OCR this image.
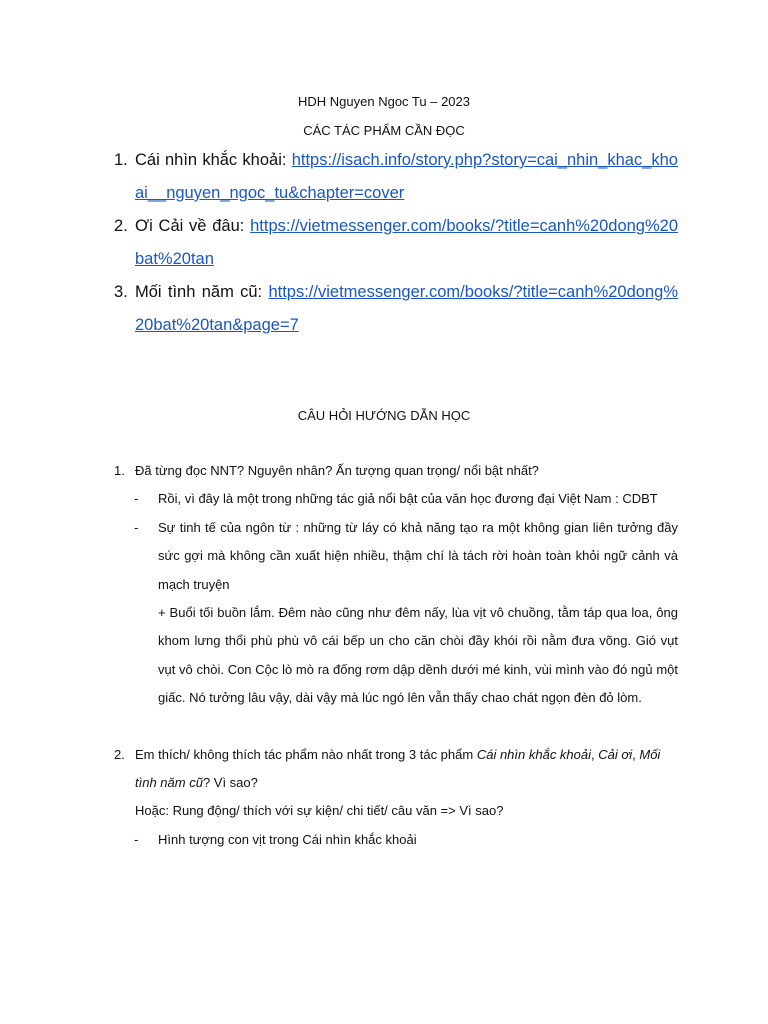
HDH Nguyen Ngoc Tu – 2023
CÁC TÁC PHẨM CẦN ĐỌC
1. Cái nhìn khắc khoải: https://isach.info/story.php?story=cai_nhin_khac_khoai__nguyen_ngoc_tu&chapter=cover
2. Ơi Cải về đâu: https://vietmessenger.com/books/?title=canh%20dong%20bat%20tan
3. Mối tình năm cũ: https://vietmessenger.com/books/?title=canh%20dong%20bat%20tan&page=7
CÂU HỎI HƯỚNG DẪN HỌC
1. Đã từng đọc NNT? Nguyên nhân? Ấn tượng quan trọng/ nổi bật nhất?
- Rồi, vì đây là một trong những tác giả nổi bật của văn học đương đại Việt Nam : CDBT
- Sự tinh tế của ngôn từ : những từ láy có khả năng tạo ra một không gian liên tưởng đầy sức gợi mà không cần xuất hiện nhiều, thậm chí là tách rời hoàn toàn khỏi ngữ cảnh và mạch truyện
+ Buổi tối buồn lắm. Đêm nào cũng như đêm nấy, lùa vịt vô chuồng, tằm táp qua loa, ông khom lưng thổi phù phù vô cái bếp un cho căn chòi đầy khói rồi nằm đưa võng. Gió vụt vụt vô chòi. Con Cộc lò mò ra đống rơm dập dềnh dưới mé kinh, vùi mình vào đó ngủ một giấc. Nó tưởng lâu vậy, dài vậy mà lúc ngó lên vẫn thấy chao chát ngọn đèn đỏ lòm.
2. Em thích/ không thích tác phẩm nào nhất trong 3 tác phẩm Cái nhìn khắc khoải, Cải ơi, Mối tình năm cũ? Vì sao?
Hoặc: Rung động/ thích với sự kiện/ chi tiết/ câu văn => Vì sao?
- Hình tượng con vịt trong Cái nhìn khắc khoải
